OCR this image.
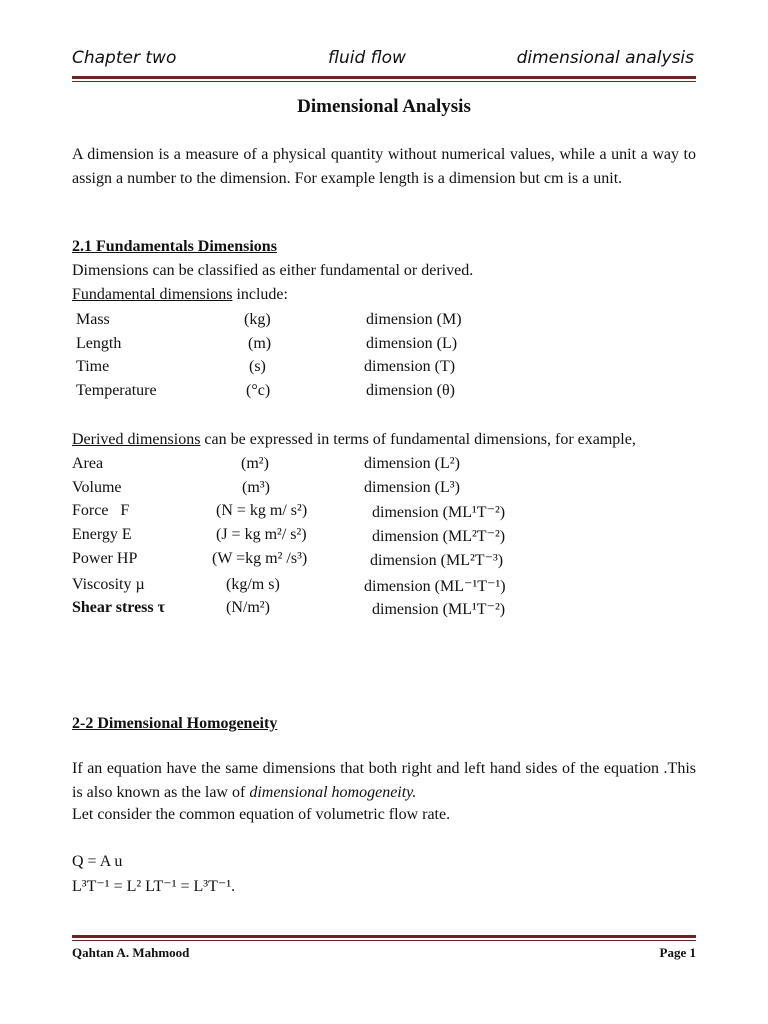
Chapter two	fluid flow	dimensional analysis
Dimensional Analysis
A dimension is a measure of a physical quantity without numerical values, while a unit a way to assign a number to the dimension. For example length is a dimension but cm is a unit.
2.1 Fundamentals Dimensions
Dimensions can be classified as either fundamental or derived.
Fundamental dimensions include:
Mass	(kg)	dimension (M)
Length	(m)	dimension (L)
Time	(s)	dimension (T)
Temperature	(°c)	dimension (θ)
Derived dimensions can be expressed in terms of fundamental dimensions, for example,
Area	(m²)	dimension (L²)
Volume	(m³)	dimension (L³)
Force   F	(N = kg m/ s²)	dimension (ML¹T⁻²)
Energy E	(J = kg m²/ s²)	dimension (ML²T⁻²)
Power HP	(W =kg m² /s³)	dimension (ML²T⁻³)
Viscosity µ	(kg/m s)	dimension (ML⁻¹T⁻¹)
Shear stress τ	(N/m²)	dimension (ML¹T⁻²)
2-2 Dimensional Homogeneity
If an equation have the same dimensions that both right and left hand sides of the equation .This is also known as the law of dimensional homogeneity.
Let consider the common equation of volumetric flow rate.
Q = A u
L³T⁻¹ = L² LT⁻¹ = L³T⁻¹.
Qahtan A. Mahmood	Page 1
